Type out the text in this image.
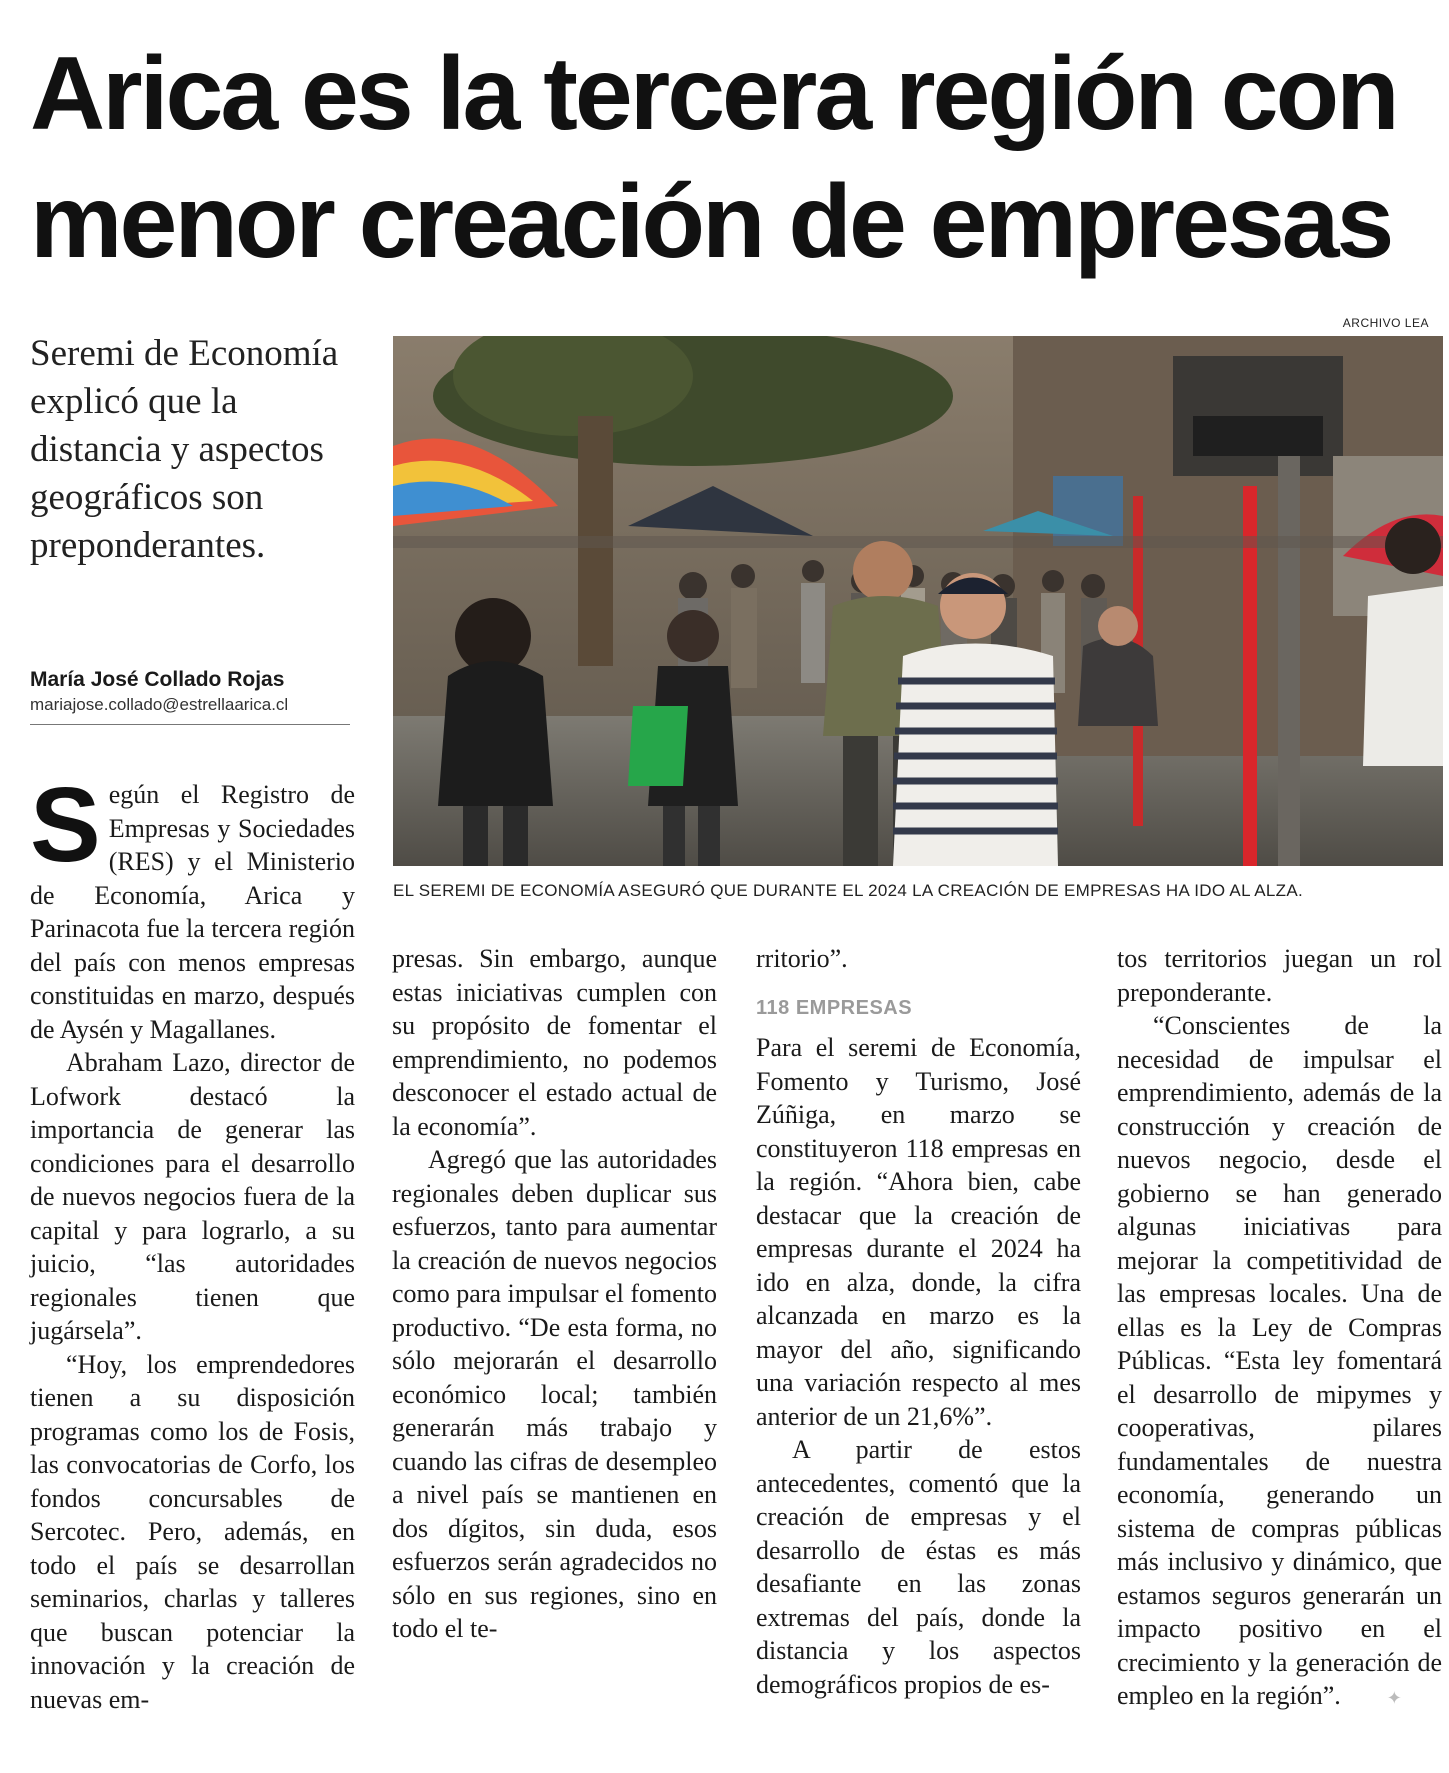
Arica es la tercera región con menor creación de empresas

Seremi de Economía explicó que la distancia y aspectos geográficos son preponderantes.

María José Collado Rojas
mariajose.collado@estrellaarica.cl
ARCHIVO LEA
EL SEREMI DE ECONOMÍA ASEGURÓ QUE DURANTE EL 2024 LA CREACIÓN DE EMPRESAS HA IDO AL ALZA.

Según el Registro de Empresas y Sociedades (RES) y el Ministerio de Economía, Arica y Parinacota fue la tercera región del país con menos empresas constituidas en marzo, después de Aysén y Magallanes.

Abraham Lazo, director de Lofwork destacó la importancia de generar las condiciones para el desarrollo de nuevos negocios fuera de la capital y para lograrlo, a su juicio, “las autoridades regionales tienen que jugársela”.

“Hoy, los emprendedores tienen a su disposición programas como los de Fosis, las convocatorias de Corfo, los fondos concursables de Sercotec. Pero, además, en todo el país se desarrollan seminarios, charlas y talleres que buscan potenciar la innovación y la creación de nuevas em-

presas. Sin embargo, aunque estas iniciativas cumplen con su propósito de fomentar el emprendimiento, no podemos desconocer el estado actual de la economía”.

Agregó que las autoridades regionales deben duplicar sus esfuerzos, tanto para aumentar la creación de nuevos negocios como para impulsar el fomento productivo. “De esta forma, no sólo mejorarán el desarrollo económico local; también generarán más trabajo y cuando las cifras de desempleo a nivel país se mantienen en dos dígitos, sin duda, esos esfuerzos serán agradecidos no sólo en sus regiones, sino en todo el te-

rritorio”.

118 EMPRESAS

Para el seremi de Economía, Fomento y Turismo, José Zúñiga, en marzo se constituyeron 118 empresas en la región. “Ahora bien, cabe destacar que la creación de empresas durante el 2024 ha ido en alza, donde, la cifra alcanzada en marzo es la mayor del año, significando una variación respecto al mes anterior de un 21,6%”.

A partir de estos antecedentes, comentó que la creación de empresas y el desarrollo de éstas es más desafiante en las zonas extremas del país, donde la distancia y los aspectos demográficos propios de es-

tos territorios juegan un rol preponderante.

“Conscientes de la necesidad de impulsar el emprendimiento, además de la construcción y creación de nuevos negocio, desde el gobierno se han generado algunas iniciativas para mejorar la competitividad de las empresas locales. Una de ellas es la Ley de Compras Públicas. “Esta ley fomentará el desarrollo de mipymes y cooperativas, pilares fundamentales de nuestra economía, generando un sistema de compras públicas más inclusivo y dinámico, que estamos seguros generarán un impacto positivo en el crecimiento y la generación de empleo en la región”.	✦
